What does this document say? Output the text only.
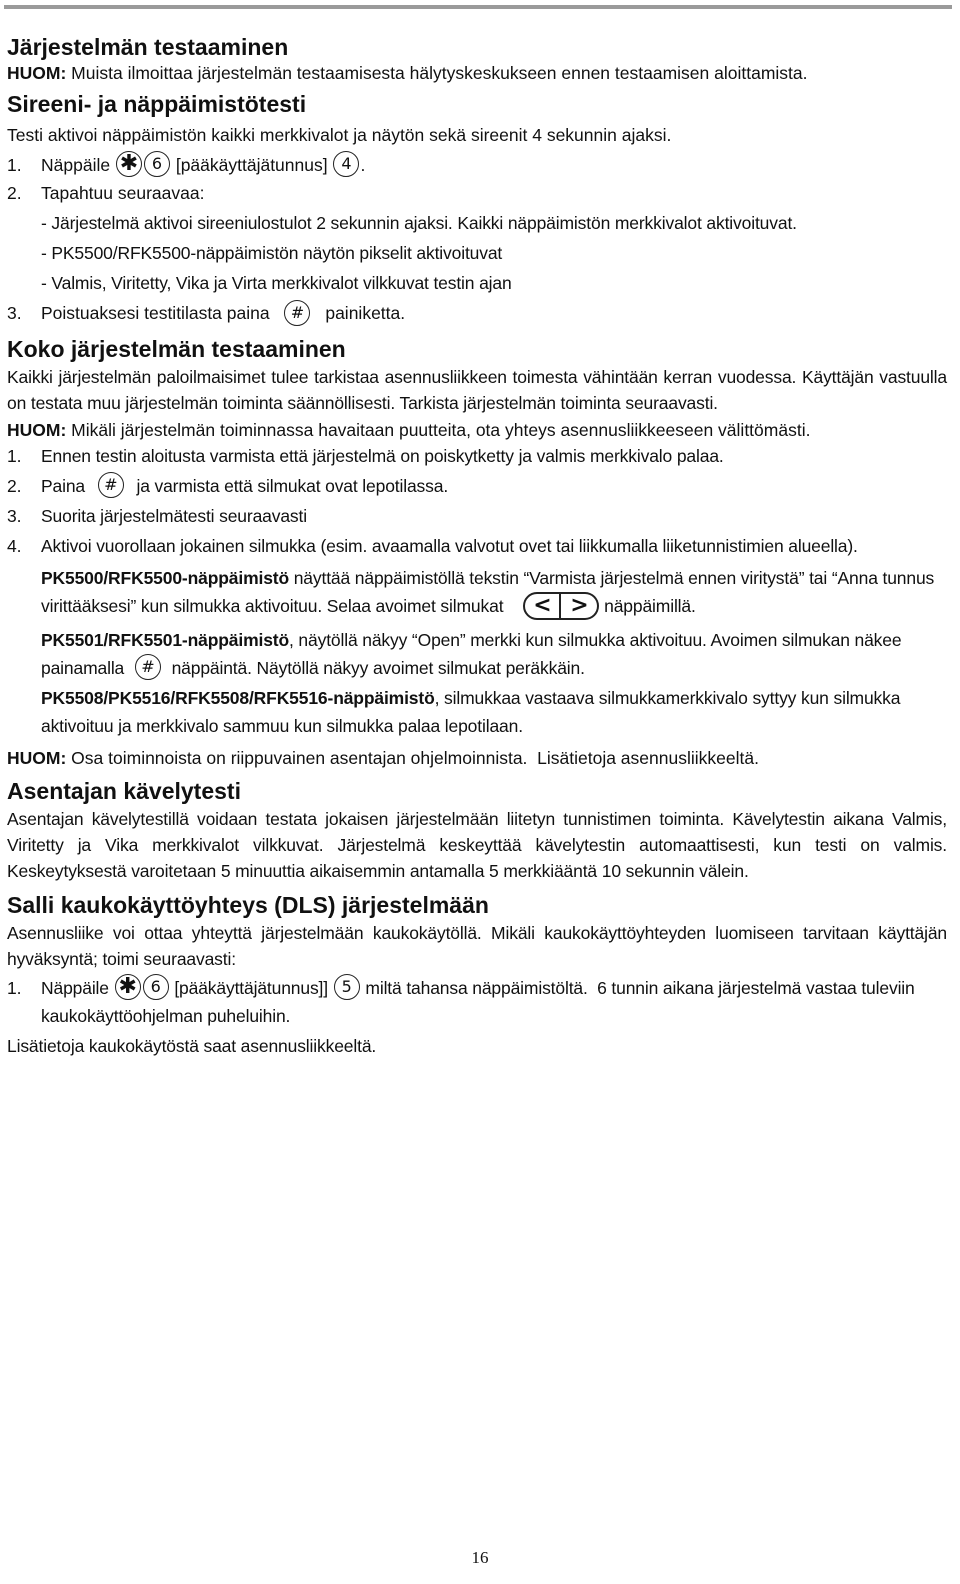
Järjestelmän testaaminen

HUOM: Muista ilmoittaa järjestelmän testaamisesta hälytyskeskukseen ennen testaamisen aloittamista.

Sireeni- ja näppäimistötesti

Testi aktivoi näppäimistön kaikki merkkivalot ja näytön sekä sireenit 4 sekunnin ajaksi.

1.	Näppäile ✱ 6 [pääkäyttäjätunnus] 4 .
2.	Tapahtuu seuraavaa:

- Järjestelmä aktivoi sireeniulostulot 2 sekunnin ajaksi. Kaikki näppäimistön merkkivalot aktivoituvat.

- PK5500/RFK5500-näppäimistön näytön pikselit aktivoituvat

- Valmis, Viritetty, Vika ja Virta merkkivalot vilkkuvat testin ajan

3.	Poistuaksesi testitilasta paina # painiketta.
Koko järjestelmän testaaminen

Kaikki järjestelmän paloilmaisimet tulee tarkistaa asennusliikkeen toimesta vähintään kerran vuodessa. Käyttäjän vastuulla on testata muu järjestelmän toiminta säännöllisesti. Tarkista järjestelmän toiminta seuraavasti.

HUOM: Mikäli järjestelmän toiminnassa havaitaan puutteita, ota yhteys asennusliikkeeseen välittömästi.

1.	Ennen testin aloitusta varmista että järjestelmä on poiskytketty ja valmis merkkivalo palaa.
2.	Paina # ja varmista että silmukat ovat lepotilassa.
3.	Suorita järjestelmätesti seuraavasti
4.	Aktivoi vuorollaan jokainen silmukka (esim. avaamalla valvotut ovet tai liikkumalla liiketunnistimien alueella).

PK5500/RFK5500-näppäimistö näyttää näppäimistöllä tekstin “Varmista järjestelmä ennen viritystä” tai “Anna tunnus virittääksesi” kun silmukka aktivoituu. Selaa avoimet silmukat	< > näppäimillä.

PK5501/RFK5501-näppäimistö, näytöllä näkyy “Open” merkki kun silmukka aktivoituu. Avoimen silmukan näkee painamalla # näppäintä. Näytöllä näkyy avoimet silmukat peräkkäin.

PK5508/PK5516/RFK5508/RFK5516-näppäimistö, silmukkaa vastaava silmukkamerkkivalo syttyy kun silmukka aktivoituu ja merkkivalo sammuu kun silmukka palaa lepotilaan.

HUOM: Osa toiminnoista on riippuvainen asentajan ohjelmoinnista.  Lisätietoja asennusliikkeeltä.

Asentajan kävelytesti

Asentajan kävelytestillä voidaan testata jokaisen järjestelmään liitetyn tunnistimen toiminta. Kävelytestin aikana Valmis, Viritetty ja Vika merkkivalot vilkkuvat. Järjestelmä keskeyttää kävelytestin automaattisesti, kun testi on valmis. Keskeytyksestä varoitetaan 5 minuuttia aikaisemmin antamalla 5 merkkiääntä 10 sekunnin välein.

Salli kaukokäyttöyhteys (DLS) järjestelmään

Asennusliike voi ottaa yhteyttä järjestelmään kaukokäytöllä. Mikäli kaukokäyttöyhteyden luomiseen tarvitaan käyttäjän hyväksyntä; toimi seuraavasti:

1.	Näppäile ✱ 6 [pääkäyttäjätunnus]] 5 miltä tahansa näppäimistöltä.  6 tunnin aikana järjestelmä vastaa tuleviin kaukokäyttöohjelman puheluihin.

Lisätietoja kaukokäytöstä saat asennusliikkeeltä.

16
